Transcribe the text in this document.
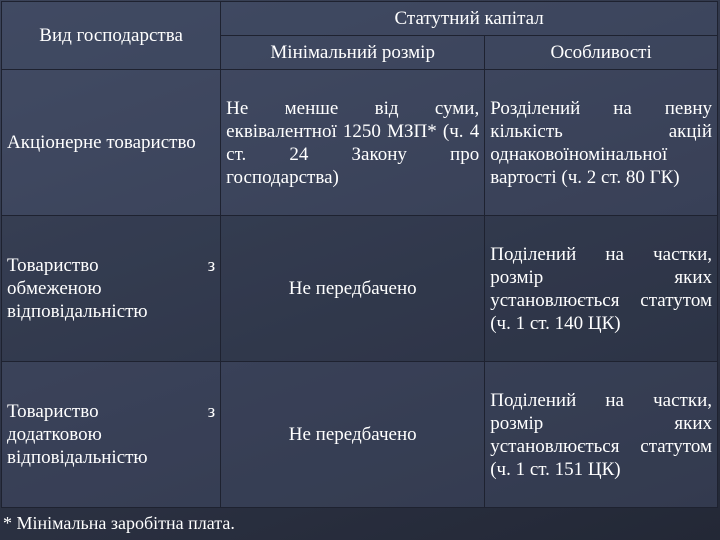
Вид господарства	Статутний капітал	
	Мінімальний розмір	Особливості
Акціонерне товариство	Не менше від суми, еквівалентної 1250 МЗП* (ч. 4 ст. 24 Закону про господарства)	Розділений на певну кількість акцій однаковоїномінальної вартості (ч. 2 ст. 80 ГК)

Товариство з
обмеженою відповідальністю	Не передбачено	Поділений на частки, розмір яких установлюється статутом (ч. 1 ст. 140 ЦК)

Товариство з
додатковою відповідальністю	Не передбачено	Поділений на частки, розмір яких установлюється статутом (ч. 1 ст. 151 ЦК)
* Мінімальна заробітна плата.
